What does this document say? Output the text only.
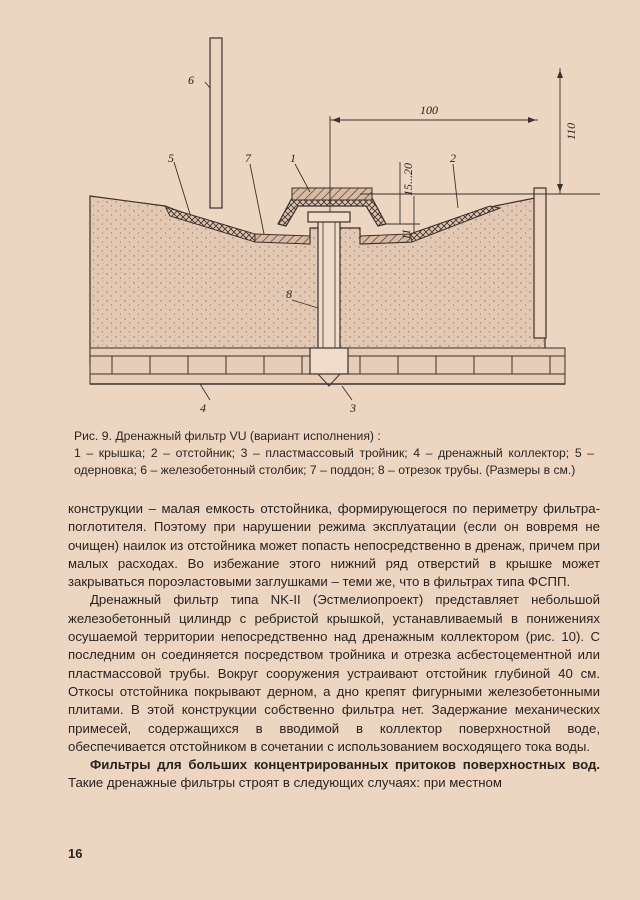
6
5	7	1	2
8
4	3
100
110
15...20
11
Рис. 9. Дренажный фильтр VU (вариант исполнения) :
1 – крышка; 2 – отстойник; 3 – пластмассовый тройник; 4 – дренажный коллектор; 5 – одерновка; 6 – железобетонный столбик; 7 – поддон; 8 – отрезок трубы. (Размеры в см.)

конструкции – малая емкость отстойника, формирующегося по периметру фильтра-поглотителя. Поэтому при нарушении режима эксплуатации (если он вовремя не очищен) наилок из отстойника может попасть непосредственно в дренаж, причем при малых расходах. Во избежание этого нижний ряд отверстий в крышке может закрываться пороэластовыми заглушками – теми же, что в фильтрах типа ФСПП.

Дренажный фильтр типа NK-II (Эстмелиопроект) представляет небольшой железобетонный цилиндр с ребристой крышкой, устанавливаемый в понижениях осушаемой территории непосредственно над дренажным коллектором (рис. 10). С последним он соединяется посредством тройника и отрезка асбестоцементной или пластмассовой трубы. Вокруг сооружения устраивают отстойник глубиной 40 см. Откосы отстойника покрывают дерном, а дно крепят фигурными железобетонными плитами. В этой конструкции собственно фильтра нет. Задержание механических примесей, содержащихся в вводимой в коллектор поверхностной воде, обеспечивается отстойником в сочетании с использованием восходящего тока воды.

Фильтры для больших концентрированных притоков поверхностных вод. Такие дренажные фильтры строят в следующих случаях: при местном

16
